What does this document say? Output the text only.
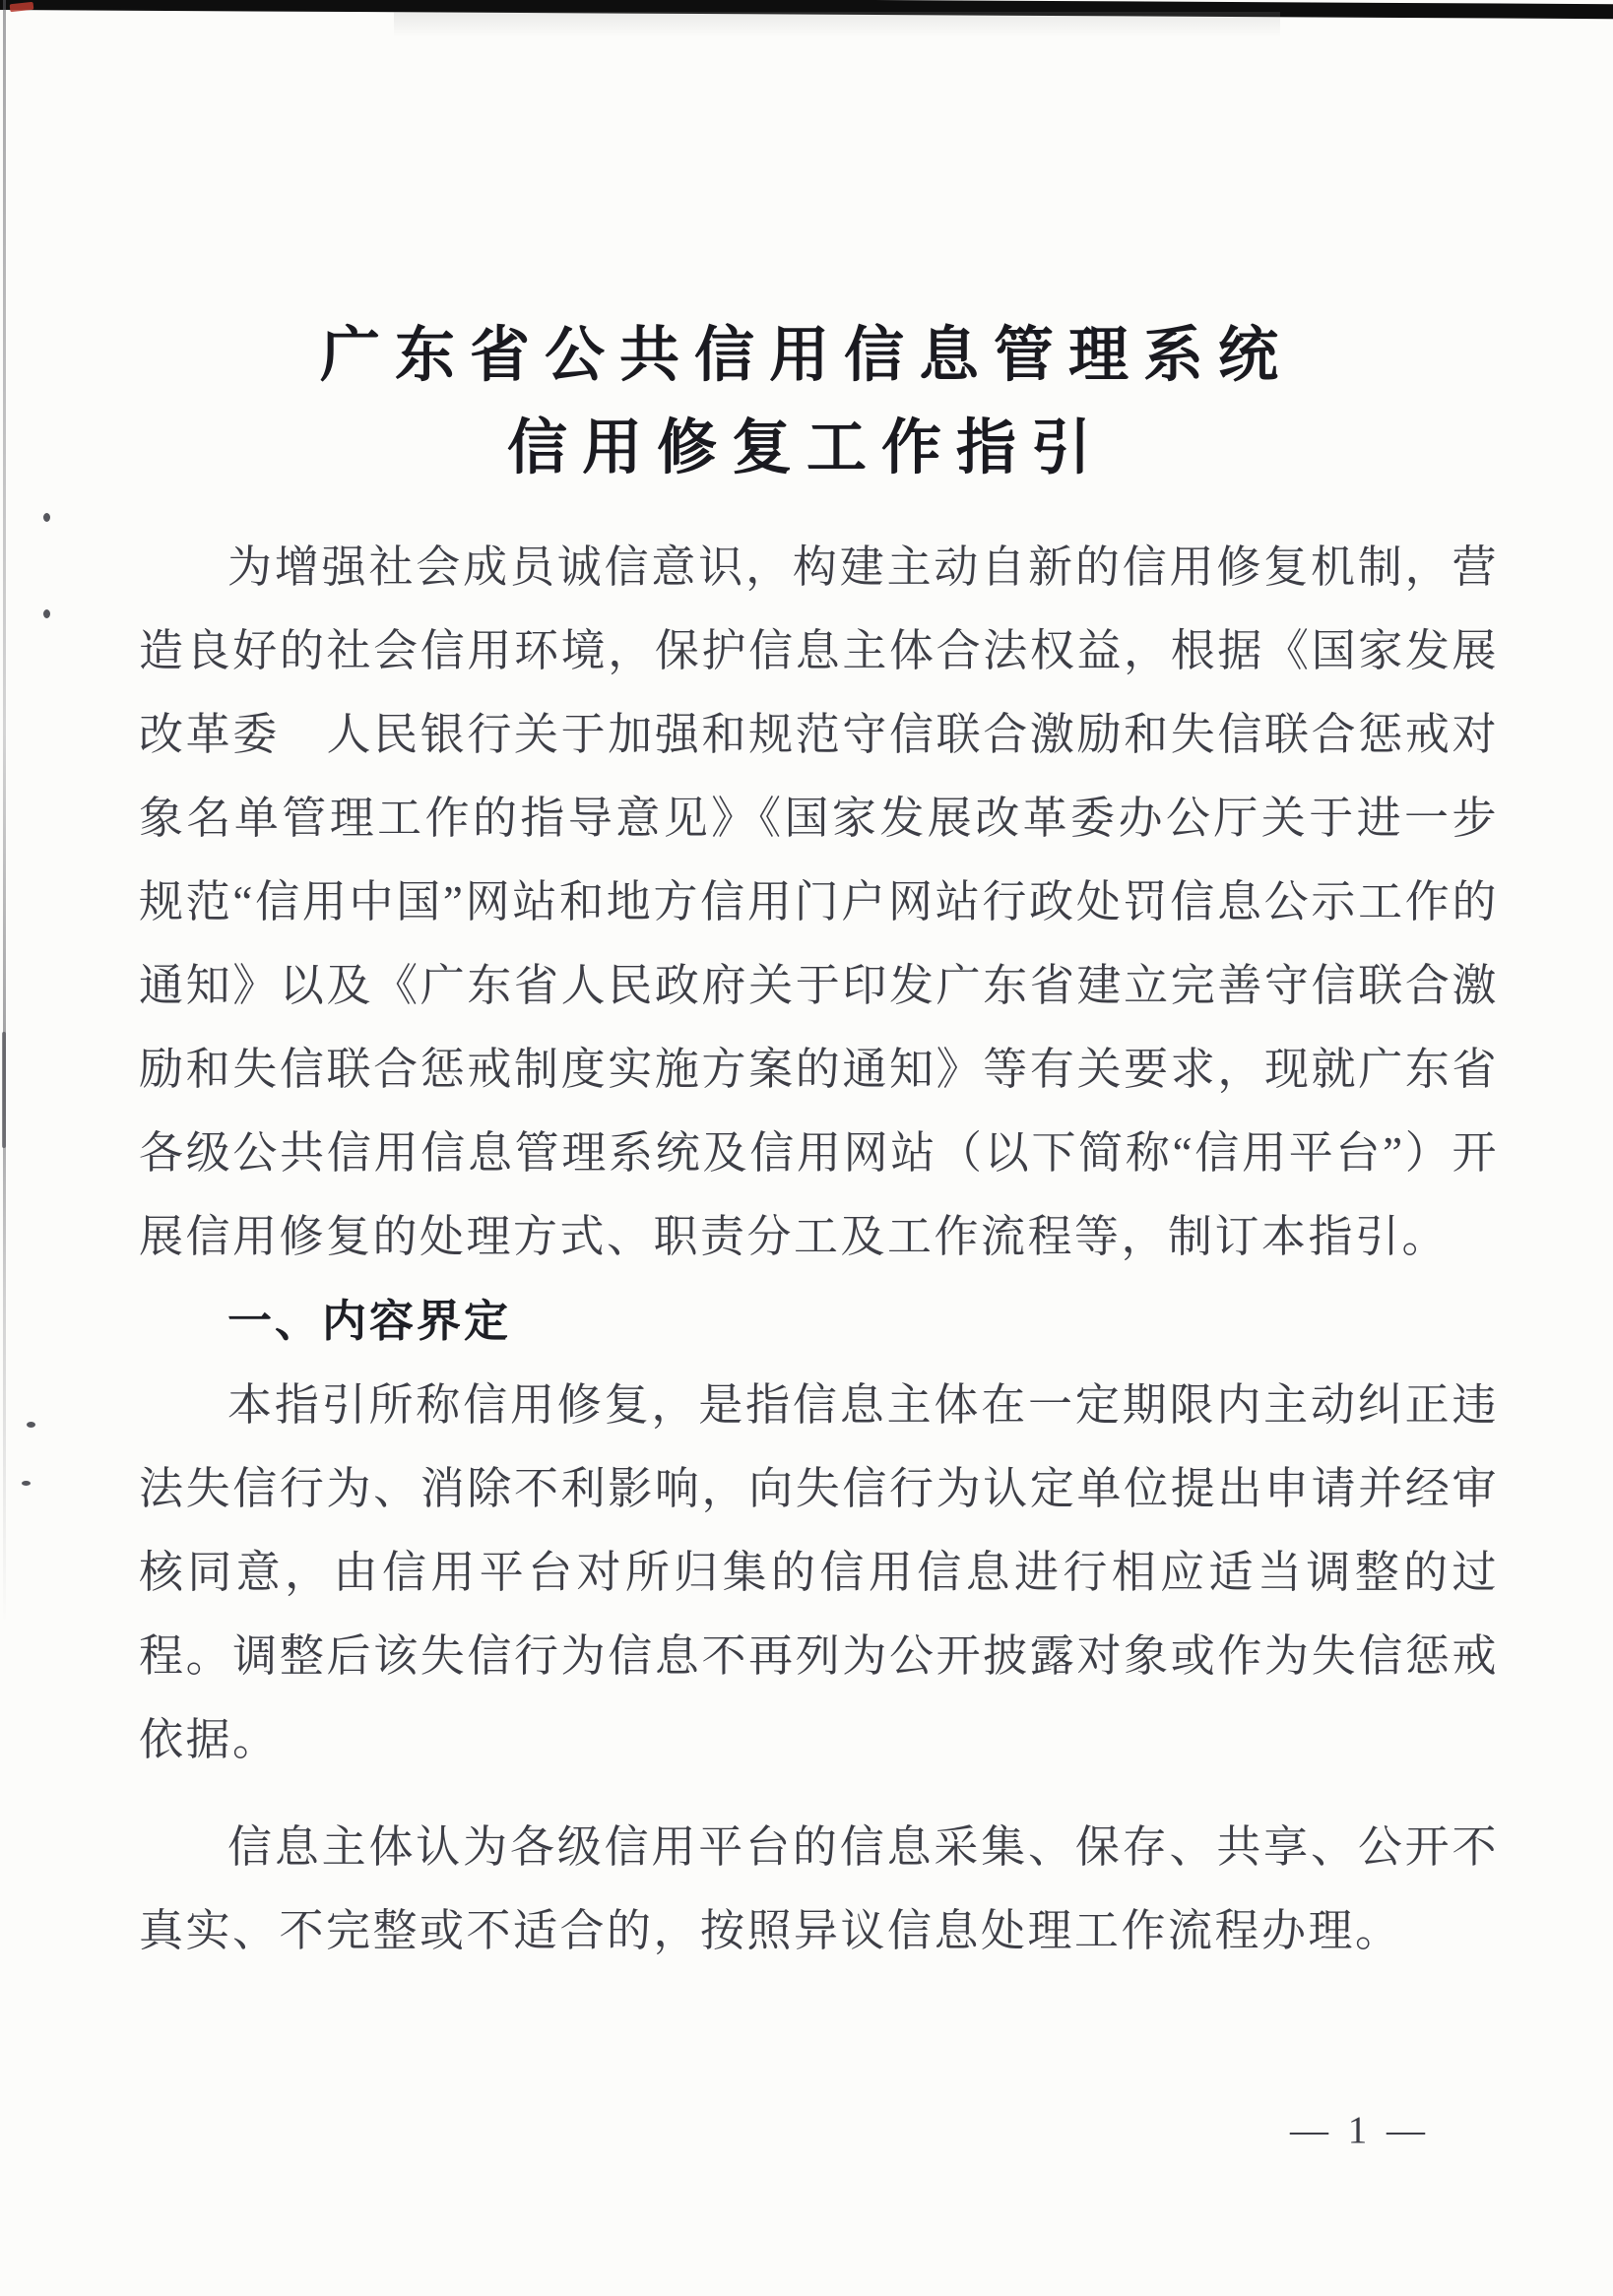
广东省公共信用信息管理系统
信用修复工作指引

为增强社会成员诚信意识，构建主动自新的信用修复机制，营造良好的社会信用环境，保护信息主体合法权益，根据《国家发展改革委　人民银行关于加强和规范守信联合激励和失信联合惩戒对象名单管理工作的指导意见》《国家发展改革委办公厅关于进一步规范“信用中国”网站和地方信用门户网站行政处罚信息公示工作的通知》以及《广东省人民政府关于印发广东省建立完善守信联合激励和失信联合惩戒制度实施方案的通知》等有关要求，现就广东省各级公共信用信息管理系统及信用网站（以下简称“信用平台”）开展信用修复的处理方式、职责分工及工作流程等，制订本指引。

一、内容界定

本指引所称信用修复，是指信息主体在一定期限内主动纠正违法失信行为、消除不利影响，向失信行为认定单位提出申请并经审核同意，由信用平台对所归集的信用信息进行相应适当调整的过程。调整后该失信行为信息不再列为公开披露对象或作为失信惩戒依据。

信息主体认为各级信用平台的信息采集、保存、共享、公开不真实、不完整或不适合的，按照异议信息处理工作流程办理。

— 1 —
